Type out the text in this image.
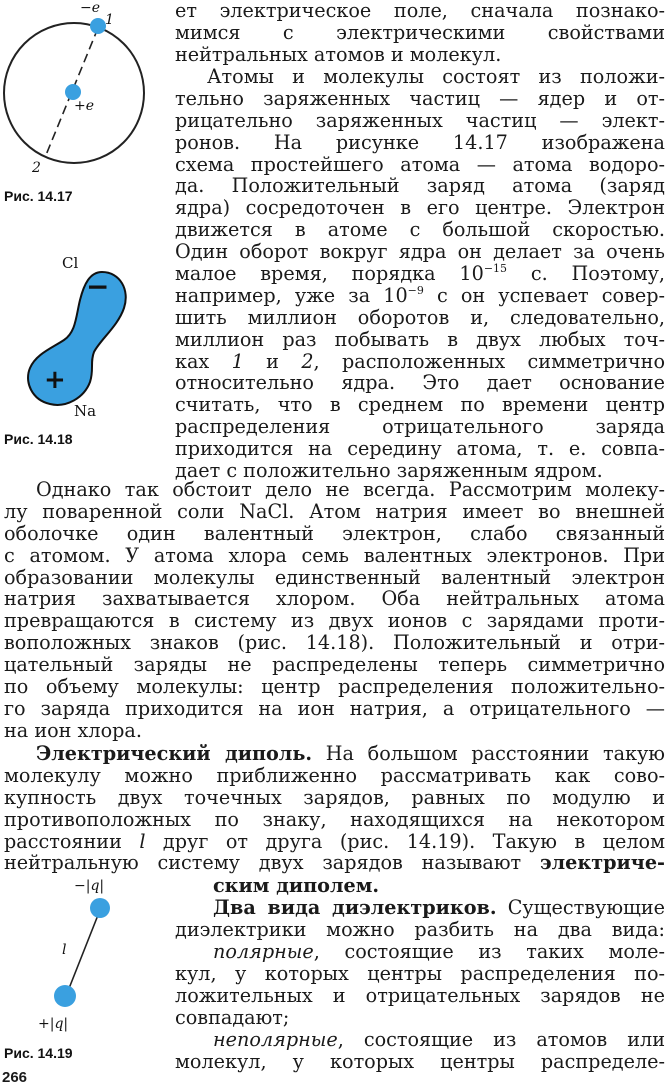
−e
1
+e
2
Рис. 14.17
Cl
−
+
Na
Рис. 14.18
−|q|
l
+|q|
Рис. 14.19
ет электрическое поле, сначала познако-
мимся с электрическими свойствами
нейтральных атомов и молекул.
Атомы и молекулы состоят из положи-
тельно заряженных частиц — ядер и от-
рицательно заряженных частиц — элект-
ронов. На рисунке 14.17 изображена
схема простейшего атома — атома водоро-
да. Положительный заряд атома (заряд
ядра) сосредоточен в его центре. Электрон
движется в атоме с большой скоростью.
Один оборот вокруг ядра он делает за очень
малое время, порядка $10^{-15}$ с. Поэтому,
например, уже за $10^{-9}$ с он успевает совер-
шить миллион оборотов и, следовательно,
миллион раз побывать в двух любых точ-
ках 1 и 2, расположенных симметрично
относительно ядра. Это дает основание
считать, что в среднем по времени центр
распределения отрицательного заряда
приходится на середину атома, т. е. совпа-
дает с положительно заряженным ядром.
Однако так обстоит дело не всегда. Рассмотрим молеку-
лу поваренной соли NaCl. Атом натрия имеет во внешней
оболочке один валентный электрон, слабо связанный
с атомом. У атома хлора семь валентных электронов. При
образовании молекулы единственный валентный электрон
натрия захватывается хлором. Оба нейтральных атома
превращаются в систему из двух ионов с зарядами проти-
воположных знаков (рис. 14.18). Положительный и отри-
цательный заряды не распределены теперь симметрично
по объему молекулы: центр распределения положительно-
го заряда приходится на ион натрия, а отрицательного —
на ион хлора.
Электрический диполь. На большом расстоянии такую
молекулу можно приближенно рассматривать как сово-
купность двух точечных зарядов, равных по модулю и
противоположных по знаку, находящихся на некотором
расстоянии l друг от друга (рис. 14.19). Такую в целом
нейтральную систему двух зарядов называют электриче-
ским диполем.
Два вида диэлектриков. Существующие
диэлектрики можно разбить на два вида:
полярные, состоящие из таких моле-
кул, у которых центры распределения по-
ложительных и отрицательных зарядов не
совпадают;
неполярные, состоящие из атомов или
молекул, у которых центры распределе-
266
